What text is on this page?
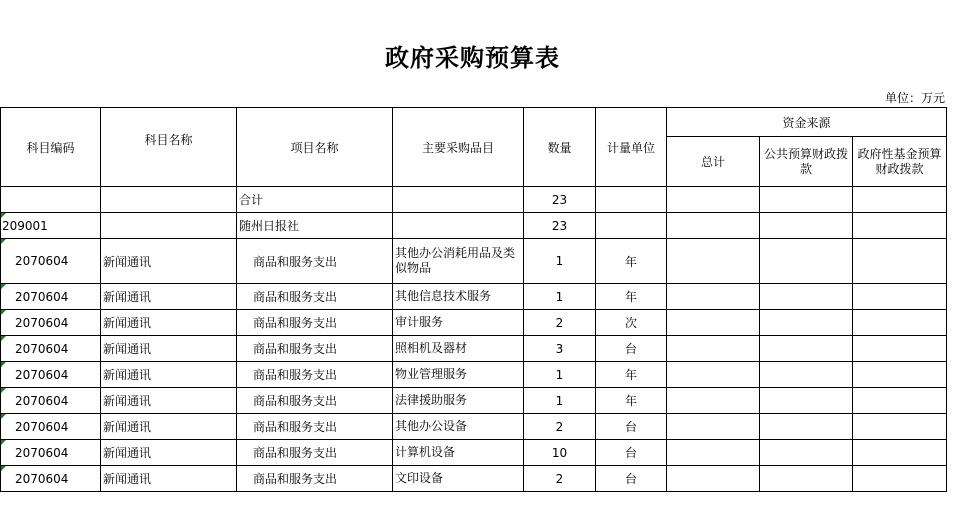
政府采购预算表
单位：万元
科目编码	科目名称	项目名称	主要采购品目	数量	计量单位	资金来源		
						总计	公共预算财政拨款	政府性基金预算财政拨款
		合计		23				
209001		随州日报社		23				
2070604	新闻通讯	商品和服务支出	其他办公消耗用品及类似物品	1	年			
2070604	新闻通讯	商品和服务支出	其他信息技术服务	1	年			
2070604	新闻通讯	商品和服务支出	审计服务	2	次			
2070604	新闻通讯	商品和服务支出	照相机及器材	3	台			
2070604	新闻通讯	商品和服务支出	物业管理服务	1	年			
2070604	新闻通讯	商品和服务支出	法律援助服务	1	年			
2070604	新闻通讯	商品和服务支出	其他办公设备	2	台			
2070604	新闻通讯	商品和服务支出	计算机设备	10	台			
2070604	新闻通讯	商品和服务支出	文印设备	2	台			
